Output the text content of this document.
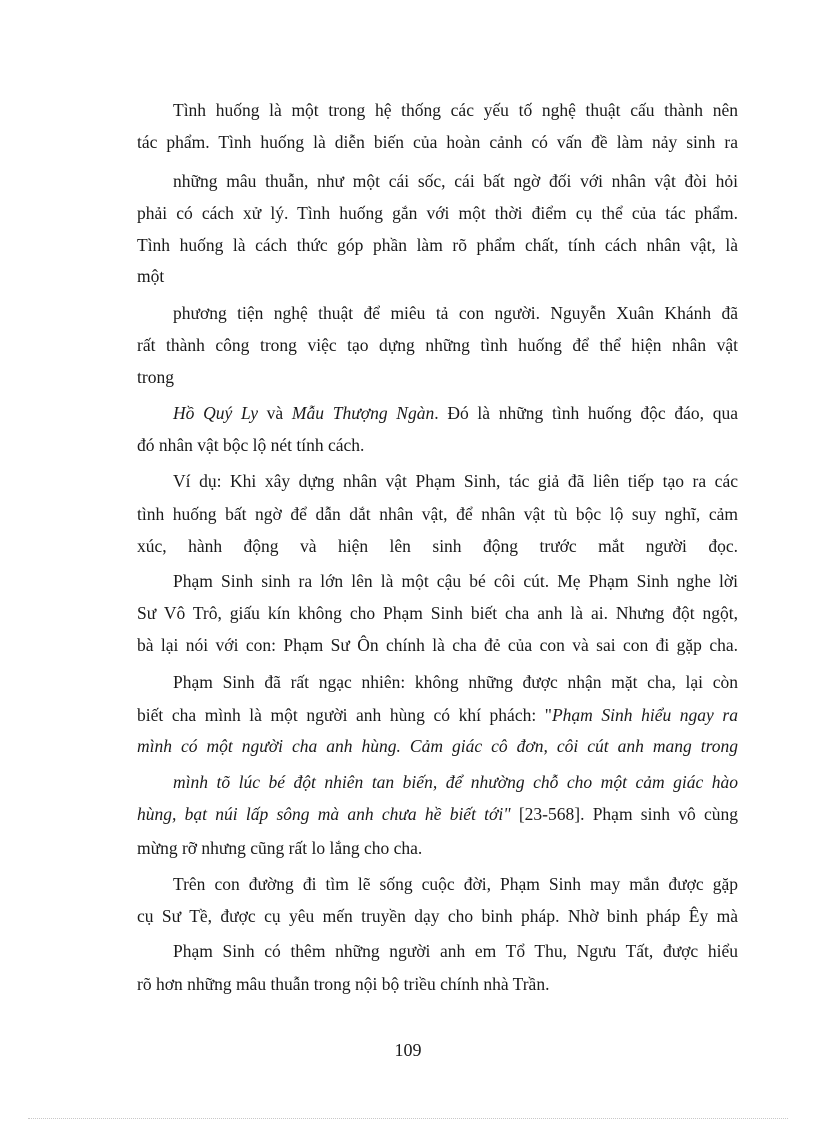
Tình huống là một trong hệ thống các yếu tố nghệ thuật cấu thành nên

tác phẩm. Tình huống là diễn biến của hoàn cảnh có vấn đề làm nảy sinh ra

những mâu thuẫn, như một cái sốc, cái bất ngờ đối với nhân vật đòi hỏi

phải có cách xử lý. Tình huống gắn với một thời điểm cụ thể của tác phẩm.

Tình huống là cách thức góp phần làm rõ phẩm chất, tính cách nhân vật, là

một

phương tiện nghệ thuật để miêu tả con người. Nguyễn Xuân Khánh đã

rất thành công trong việc tạo dựng những tình huống để thể hiện nhân vật

trong

Hồ Quý Ly và Mẫu Thượng Ngàn. Đó là những tình huống độc đáo, qua

đó nhân vật bộc lộ nét tính cách.

Ví dụ: Khi xây dựng nhân vật Phạm Sinh, tác giả đã liên tiếp tạo ra các

tình huống bất ngờ để dẫn dắt nhân vật, để nhân vật tù bộc lộ suy nghĩ, cảm

xúc, hành động và hiện lên sinh động trước mắt người đọc.

Phạm Sinh sinh ra lớn lên là một cậu bé côi cút. Mẹ Phạm Sinh nghe lời

Sư Vô Trô, giấu kín không cho Phạm Sinh biết cha anh là ai. Nhưng đột ngột,

bà lại nói với con: Phạm Sư Ôn chính là cha đẻ của con và sai con đi gặp cha.

Phạm Sinh đã rất ngạc nhiên: không những được nhận mặt cha, lại còn

biết cha mình là một người anh hùng có khí phách: "Phạm Sinh hiểu ngay ra

mình có một người cha anh hùng. Cảm giác cô đơn, côi cút anh mang trong

mình tõ lúc bé đột nhiên tan biến, để nhường chỗ cho một cảm giác hào

hùng, bạt núi lấp sông mà anh chưa hề biết tới" [23-568]. Phạm sinh vô cùng

mừng rỡ nhưng cũng rất lo lắng cho cha.

Trên con đường đi tìm lẽ sống cuộc đời, Phạm Sinh may mắn được gặp

cụ Sư Tề, được cụ yêu mến truyền dạy cho binh pháp. Nhờ binh pháp Êy mà

Phạm Sinh có thêm những người anh em Tổ Thu, Ngưu Tất, được hiểu

rõ hơn những mâu thuẫn trong nội bộ triều chính nhà Trần.

109
